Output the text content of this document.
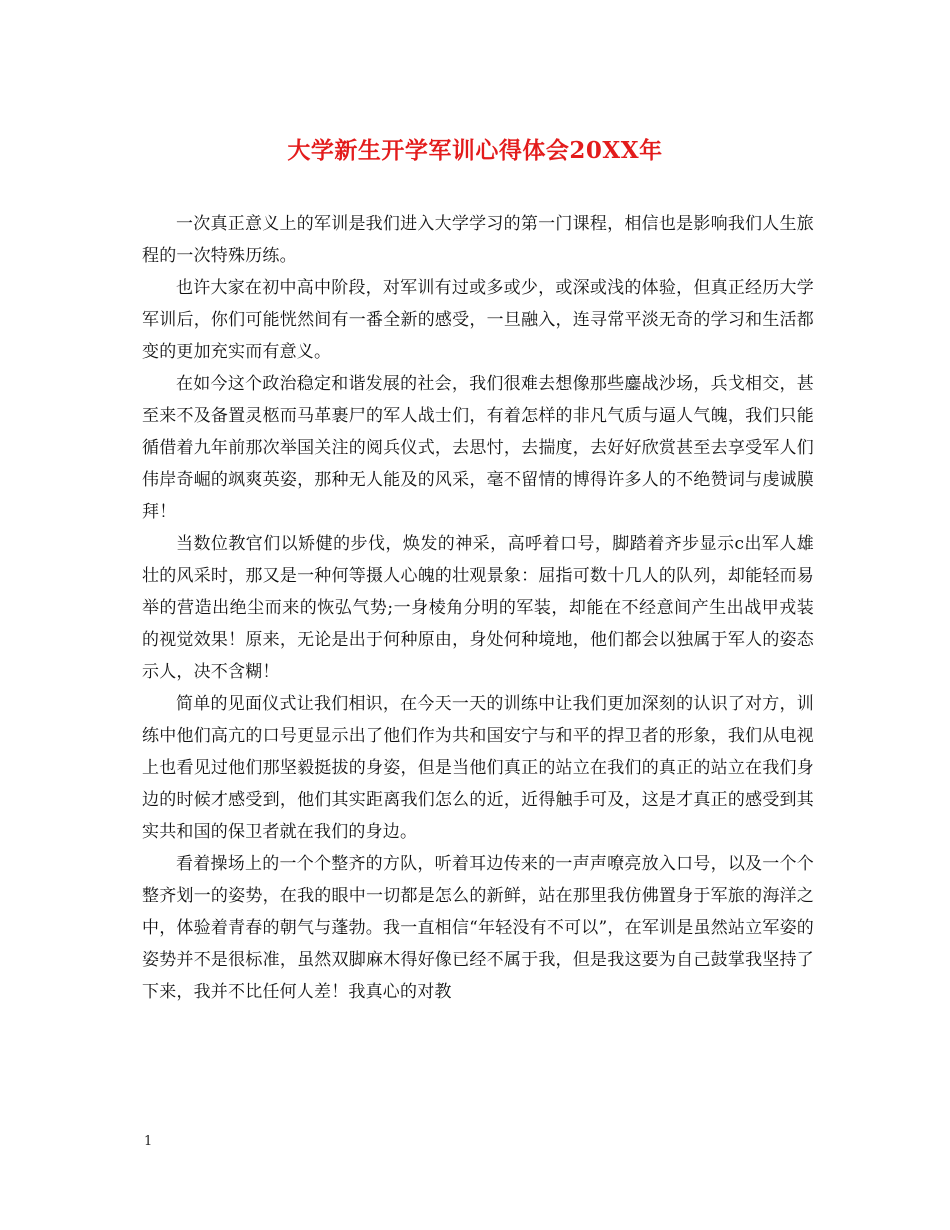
大学新生开学军训心得体会20XX年

一次真正意义上的军训是我们进入大学学习的第一门课程，相信也是影响我们人生旅程的一次特殊历练。

也许大家在初中高中阶段，对军训有过或多或少，或深或浅的体验，但真正经历大学军训后，你们可能恍然间有一番全新的感受，一旦融入，连寻常平淡无奇的学习和生活都变的更加充实而有意义。

在如今这个政治稳定和谐发展的社会，我们很难去想像那些鏖战沙场，兵戈相交，甚至来不及备置灵柩而马革裹尸的军人战士们，有着怎样的非凡气质与逼人气魄，我们只能循借着九年前那次举国关注的阅兵仪式，去思忖，去揣度，去好好欣赏甚至去享受军人们伟岸奇崛的飒爽英姿，那种无人能及的风采，毫不留情的博得许多人的不绝赞词与虔诚膜拜！

当数位教官们以矫健的步伐，焕发的神采，高呼着口号，脚踏着齐步显示c出军人雄壮的风采时，那又是一种何等摄人心魄的壮观景象：屈指可数十几人的队列，却能轻而易举的营造出绝尘而来的恢弘气势;一身棱角分明的军装，却能在不经意间产生出战甲戎装的视觉效果！原来，无论是出于何种原由，身处何种境地，他们都会以独属于军人的姿态示人，决不含糊！

简单的见面仪式让我们相识，在今天一天的训练中让我们更加深刻的认识了对方，训练中他们高亢的口号更显示出了他们作为共和国安宁与和平的捍卫者的形象，我们从电视上也看见过他们那坚毅挺拔的身姿，但是当他们真正的站立在我们的真正的站立在我们身边的时候才感受到，他们其实距离我们怎么的近，近得触手可及，这是才真正的感受到其实共和国的保卫者就在我们的身边。

看着操场上的一个个整齐的方队，听着耳边传来的一声声嘹亮放入口号，以及一个个整齐划一的姿势，在我的眼中一切都是怎么的新鲜，站在那里我仿佛置身于军旅的海洋之中，体验着青春的朝气与蓬勃。我一直相信“年轻没有不可以”，在军训是虽然站立军姿的姿势并不是很标准，虽然双脚麻木得好像已经不属于我，但是我这要为自己鼓掌我坚持了下来，我并不比任何人差！我真心的对教

1
